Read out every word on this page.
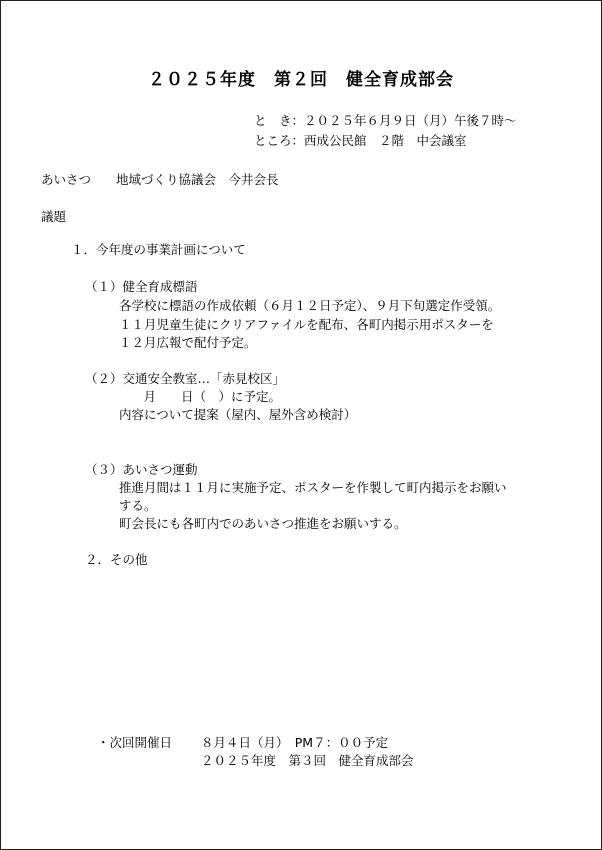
２０２５年度　第２回　健全育成部会
と　き：２０２５年６月９日（月）午後７時～
ところ：西成公民館　２階　中会議室
あいさつ　　地域づくり協議会　今井会長
議題
１．今年度の事業計画について
（１）健全育成標語
各学校に標語の作成依頼（６月１２日予定）、９月下旬選定作受領。
１１月児童生徒にクリアファイルを配布、各町内掲示用ポスターを
１２月広報で配付予定。
（２）交通安全教室…「赤見校区」
　月　　日（　）に予定。
内容について提案（屋内、屋外含め検討）
（３）あいさつ運動
推進月間は１１月に実施予定、ポスターを作製して町内掲示をお願い
する。
町会長にも各町内でのあいさつ推進をお願いする。
２．その他
・次回開催日 ８月４日（月）　PM７：００予定
２０２５年度　第３回　健全育成部会
